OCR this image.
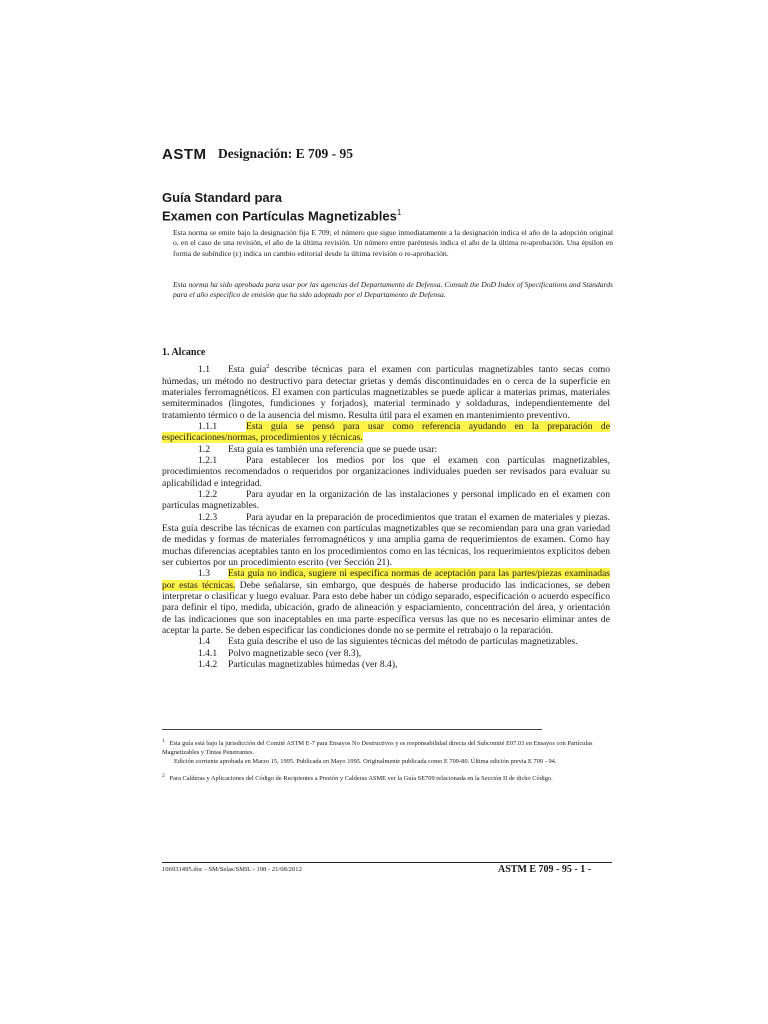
ASTM Designación: E 709 - 95
Guía Standard para
Examen con Partículas Magnetizables$^1$
Esta norma se emite bajo la designación fija E 709; el número que sigue inmediatamente a la designación indica el año de la adopción original o, en el caso de una revisión, el año de la última revisión. Un número entre paréntesis indica el año de la última re-aprobación. Una épsilon en forma de subíndice (ε) indica un cambio editorial desde la última revisión o re-aprobación.
Esta norma ha sido aprobada para usar por las agencias del Departamento de Defensa. Consult the DoD Index of Specifications and Standards para el año específico de emisión que ha sido adoptado por el Departamento de Defensa.
1. Alcance

1.1 Esta guía$^2$ describe técnicas para el examen con partículas magnetizables tanto secas como húmedas, un método no destructivo para detectar grietas y demás discontinuidades en o cerca de la superficie en materiales ferromagnéticos. El examen con partículas magnetizables se puede aplicar a materias primas, materiales semiterminados (lingotes, fundiciones y forjados), material terminado y soldaduras, independientemente del tratamiento térmico o de la ausencia del mismo. Resulta útil para el examen en mantenimiento preventivo.

1.1.1	Esta guía se pensó para usar como referencia ayudando en la preparación de especificaciones/normas, procedimientos y técnicas.

1.2 Esta guía es también una referencia que se puede usar:

1.2.1	Para establecer los medios por los que el examen con partículas magnetizables, procedimientos recomendados o requeridos por organizaciones individuales pueden ser revisados para evaluar su aplicabilidad e integridad.

1.2.2	Para ayudar en la organización de las instalaciones y personal implicado en el examen con partículas magnetizables.

1.2.3	Para ayudar en la preparación de procedimientos que tratan el examen de materiales y piezas. Esta guía describe las técnicas de examen con partículas magnetizables que se recomiendan para una gran variedad de medidas y formas de materiales ferromagnéticos y una amplia gama de requerimientos de examen. Como hay muchas diferencias aceptables tanto en los procedimientos como en las técnicas, los requerimientos explícitos deben ser cubiertos por un procedimiento escrito (ver Sección 21).

1.3 Esta guía no indica, sugiere ni especifica normas de aceptación para las partes/piezas examinadas por estas técnicas. Debe señalarse, sin embargo, que después de haberse producido las indicaciones, se deben interpretar o clasificar y luego evaluar. Para esto debe haber un código separado, especificación o acuerdo específico para definir el tipo, medida, ubicación, grado de alineación y espaciamiento, concentración del área, y orientación de las indicaciones que son inaceptables en una parte específica versus las que no es necesario eliminar antes de aceptar la parte. Se deben especificar las condiciones donde no se permite el retrabajo o la reparación.

1.4 Esta guía describe el uso de las siguientes técnicas del método de partículas magnetizables.

1.4.1 Polvo magnetizable seco (ver 8.3),

1.4.2 Partículas magnetizables húmedas (ver 8.4),

$^1$ Esta guía está bajo la jurisdicción del Comité ASTM E-7 para Ensayos No Destructivos y es responsabilidad directa del Subcomité E07.03 en Ensayos con Partículas Magnetizables y Tintas Penetrantes.
Edición corriente aprobada en Marzo 15, 1995. Publicada en Mayo 1995. Originalmente publicada como E 709-80. Última edición previa E 709 - 94.
$^2$ Para Calderas y Aplicaciones del Código de Recipientes a Presión y Calderas ASME ver la Guía SE709 relacionada en la Sección II de dicho Código.
106931495.doc - SM/Selas/SMIL - 198 - 21/08/2012	ASTM E 709 - 95 - 1 -
